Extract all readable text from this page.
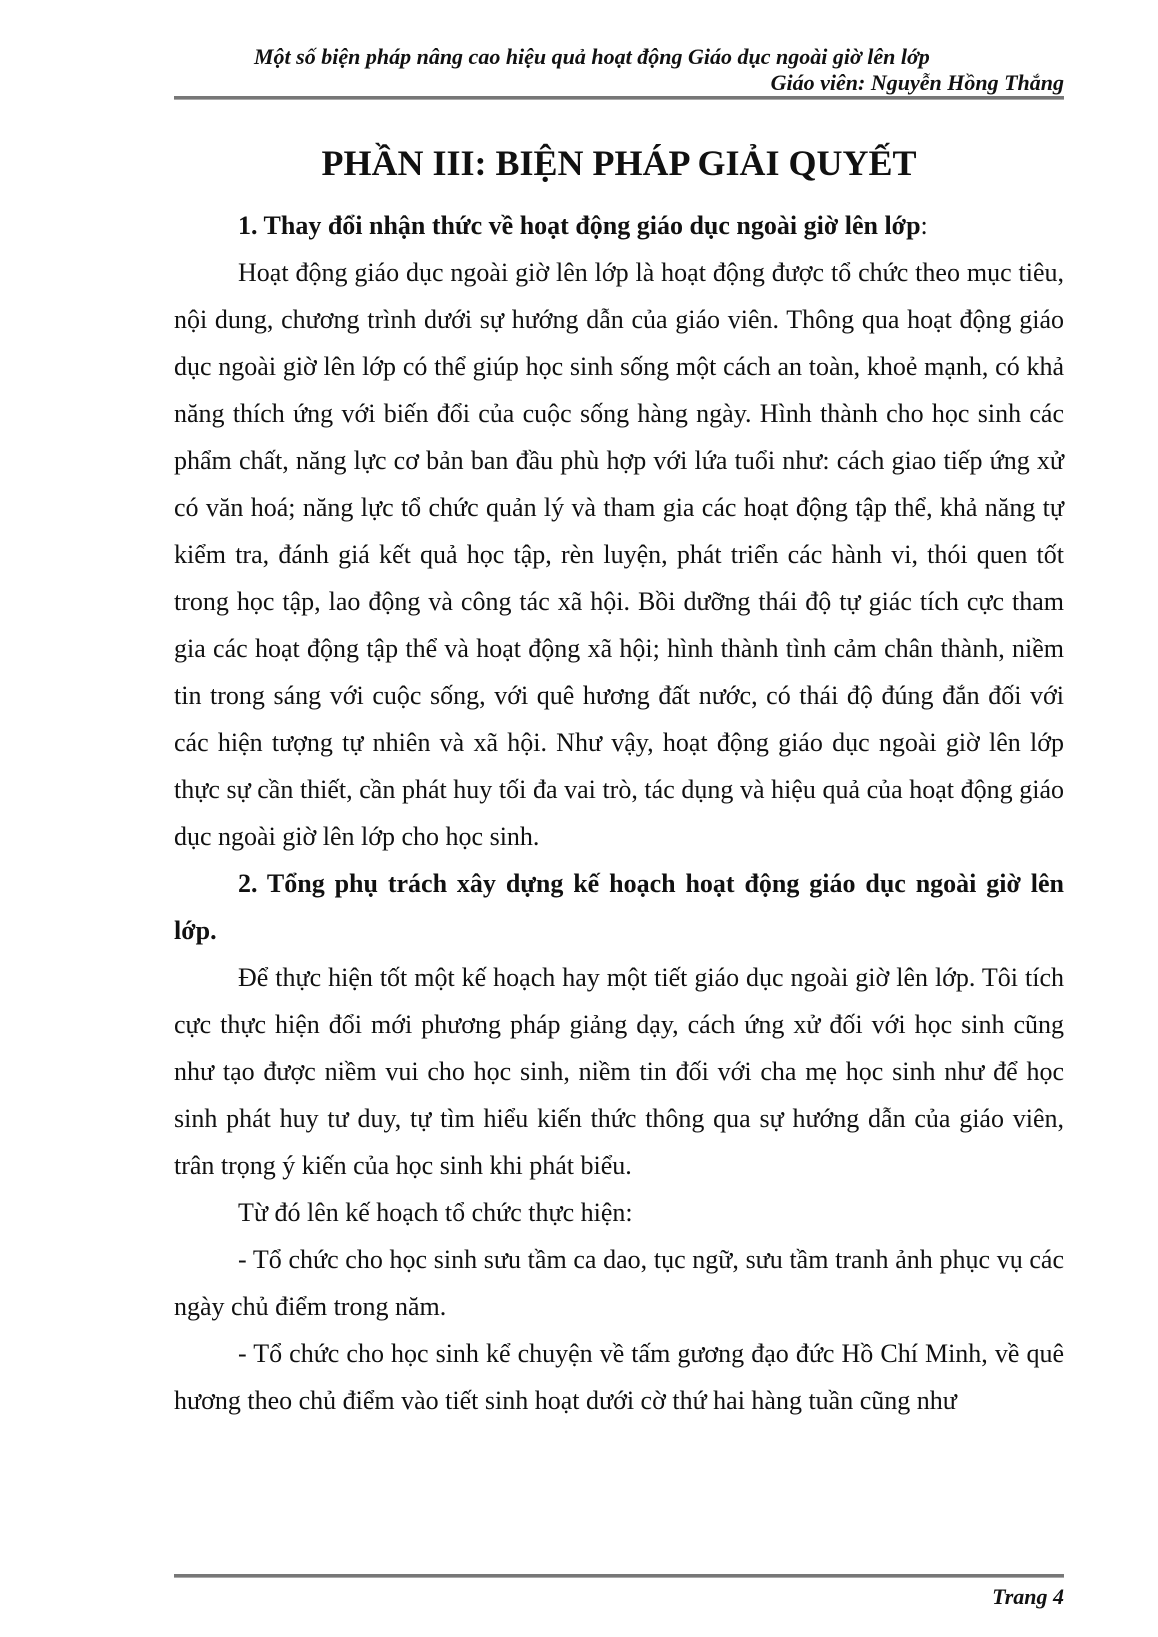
Một số biện pháp nâng cao hiệu quả hoạt động Giáo dục ngoài giờ lên lớp
Giáo viên: Nguyễn Hồng Thắng
PHẦN III: BIỆN PHÁP GIẢI QUYẾT

1. Thay đổi nhận thức về hoạt động giáo dục ngoài giờ lên lớp:

Hoạt động giáo dục ngoài giờ lên lớp là hoạt động được tổ chức theo mục tiêu, nội dung, chương trình dưới sự hướng dẫn của giáo viên. Thông qua hoạt động giáo dục ngoài giờ lên lớp có thể giúp học sinh sống một cách an toàn, khoẻ mạnh, có khả năng thích ứng với biến đổi của cuộc sống hàng ngày. Hình thành cho học sinh các phẩm chất, năng lực cơ bản ban đầu phù hợp với lứa tuổi như: cách giao tiếp ứng xử có văn hoá; năng lực tổ chức quản lý và tham gia các hoạt động tập thể, khả năng tự kiểm tra, đánh giá kết quả học tập, rèn luyện, phát triển các hành vi, thói quen tốt trong học tập, lao động và công tác xã hội. Bồi dưỡng thái độ tự giác tích cực tham gia các hoạt động tập thể và hoạt động xã hội; hình thành tình cảm chân thành, niềm tin trong sáng với cuộc sống, với quê hương đất nước, có thái độ đúng đắn đối với các hiện tượng tự nhiên và xã hội. Như vậy, hoạt động giáo dục ngoài giờ lên lớp thực sự cần thiết, cần phát huy tối đa vai trò, tác dụng và hiệu quả của hoạt động giáo dục ngoài giờ lên lớp cho học sinh.

2. Tổng phụ trách xây dựng kế hoạch hoạt động giáo dục ngoài giờ lên lớp.

Để thực hiện tốt một kế hoạch hay một tiết giáo dục ngoài giờ lên lớp. Tôi tích cực thực hiện đổi mới phương pháp giảng dạy, cách ứng xử đối với học sinh cũng như tạo được niềm vui cho học sinh, niềm tin đối với cha mẹ học sinh như để học sinh phát huy tư duy, tự tìm hiểu kiến thức thông qua sự hướng dẫn của giáo viên, trân trọng ý kiến của học sinh khi phát biểu.

Từ đó lên kế hoạch tổ chức thực hiện:

- Tổ chức cho học sinh sưu tầm ca dao, tục ngữ, sưu tầm tranh ảnh phục vụ các ngày chủ điểm trong năm.

- Tổ chức cho học sinh kể chuyện về tấm gương đạo đức Hồ Chí Minh, về quê hương theo chủ điểm vào tiết sinh hoạt dưới cờ thứ hai hàng tuần cũng như

Trang 4
